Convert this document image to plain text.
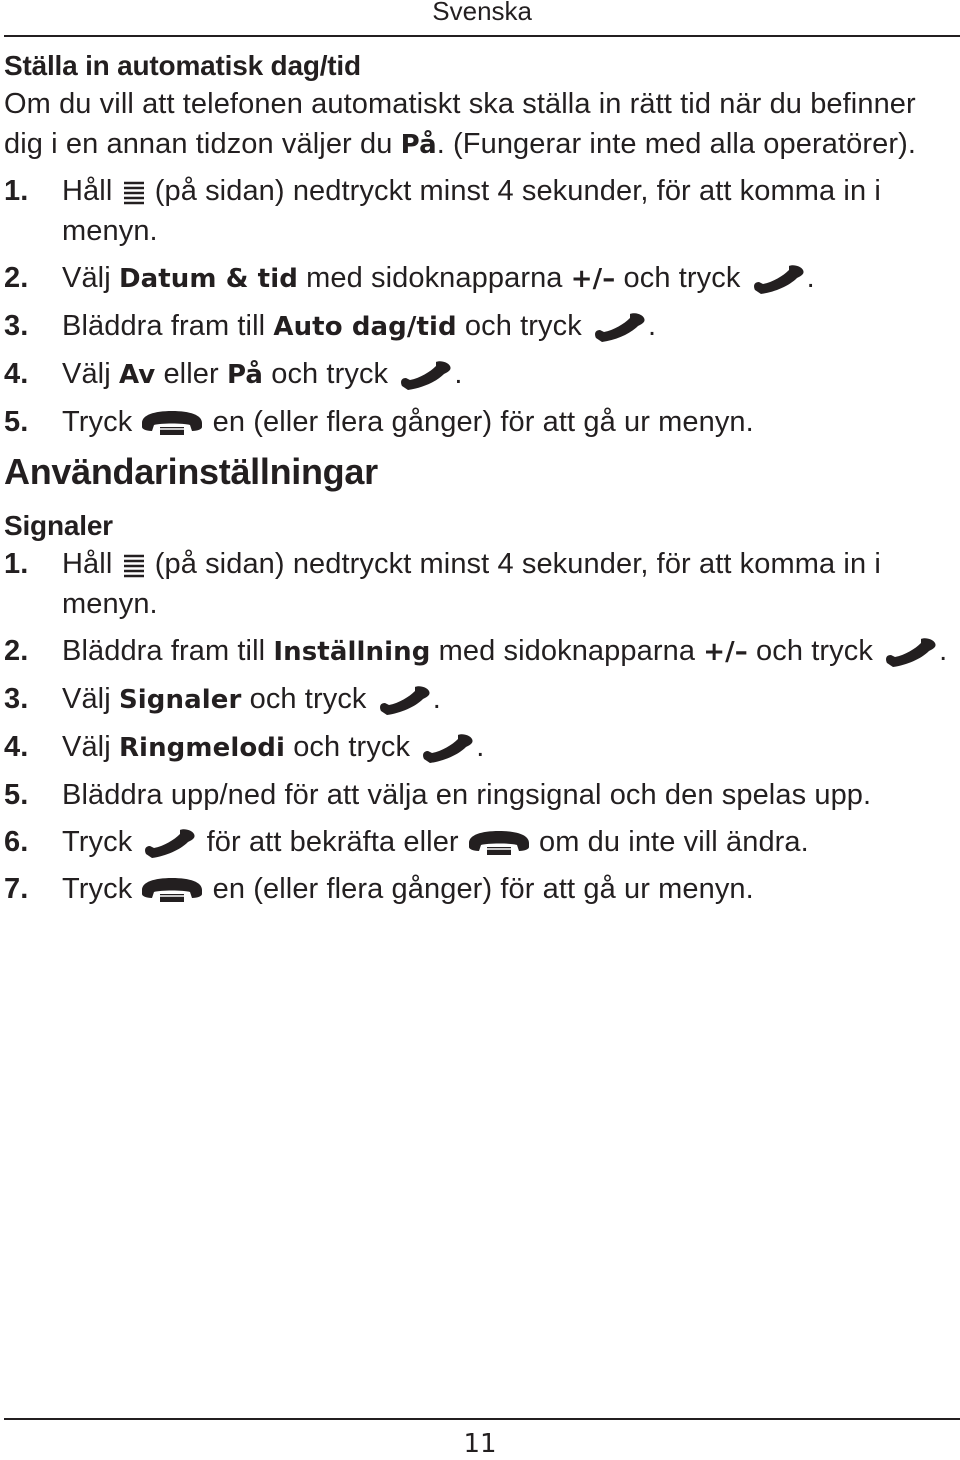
Svenska
Ställa in automatisk dag/tid

Om du vill att telefonen automatiskt ska ställa in rätt tid när du befinner dig i en annan tidzon väljer du På. (Fungerar inte med alla operatörer).

1. Håll (på sidan) nedtryckt minst 4 sekunder, för att komma in i menyn.
2. Välj Datum & tid med sidoknapparna +/– och tryck .
3. Bläddra fram till Auto dag/tid och tryck .
4. Välj Av eller På och tryck .
5. Tryck	en (eller flera gånger) för att gå ur menyn.
Användarinställningar
Signaler
1. Håll (på sidan) nedtryckt minst 4 sekunder, för att komma in i menyn.
2. Bläddra fram till Inställning med sidoknapparna +/– och tryck .
3. Välj Signaler och tryck .
4. Välj Ringmelodi och tryck .
5. Bläddra upp/ned för att välja en ringsignal och den spelas upp.
6. Tryck	för att bekräfta eller	om du inte vill ändra.
7. Tryck	en (eller flera gånger) för att gå ur menyn.
11
